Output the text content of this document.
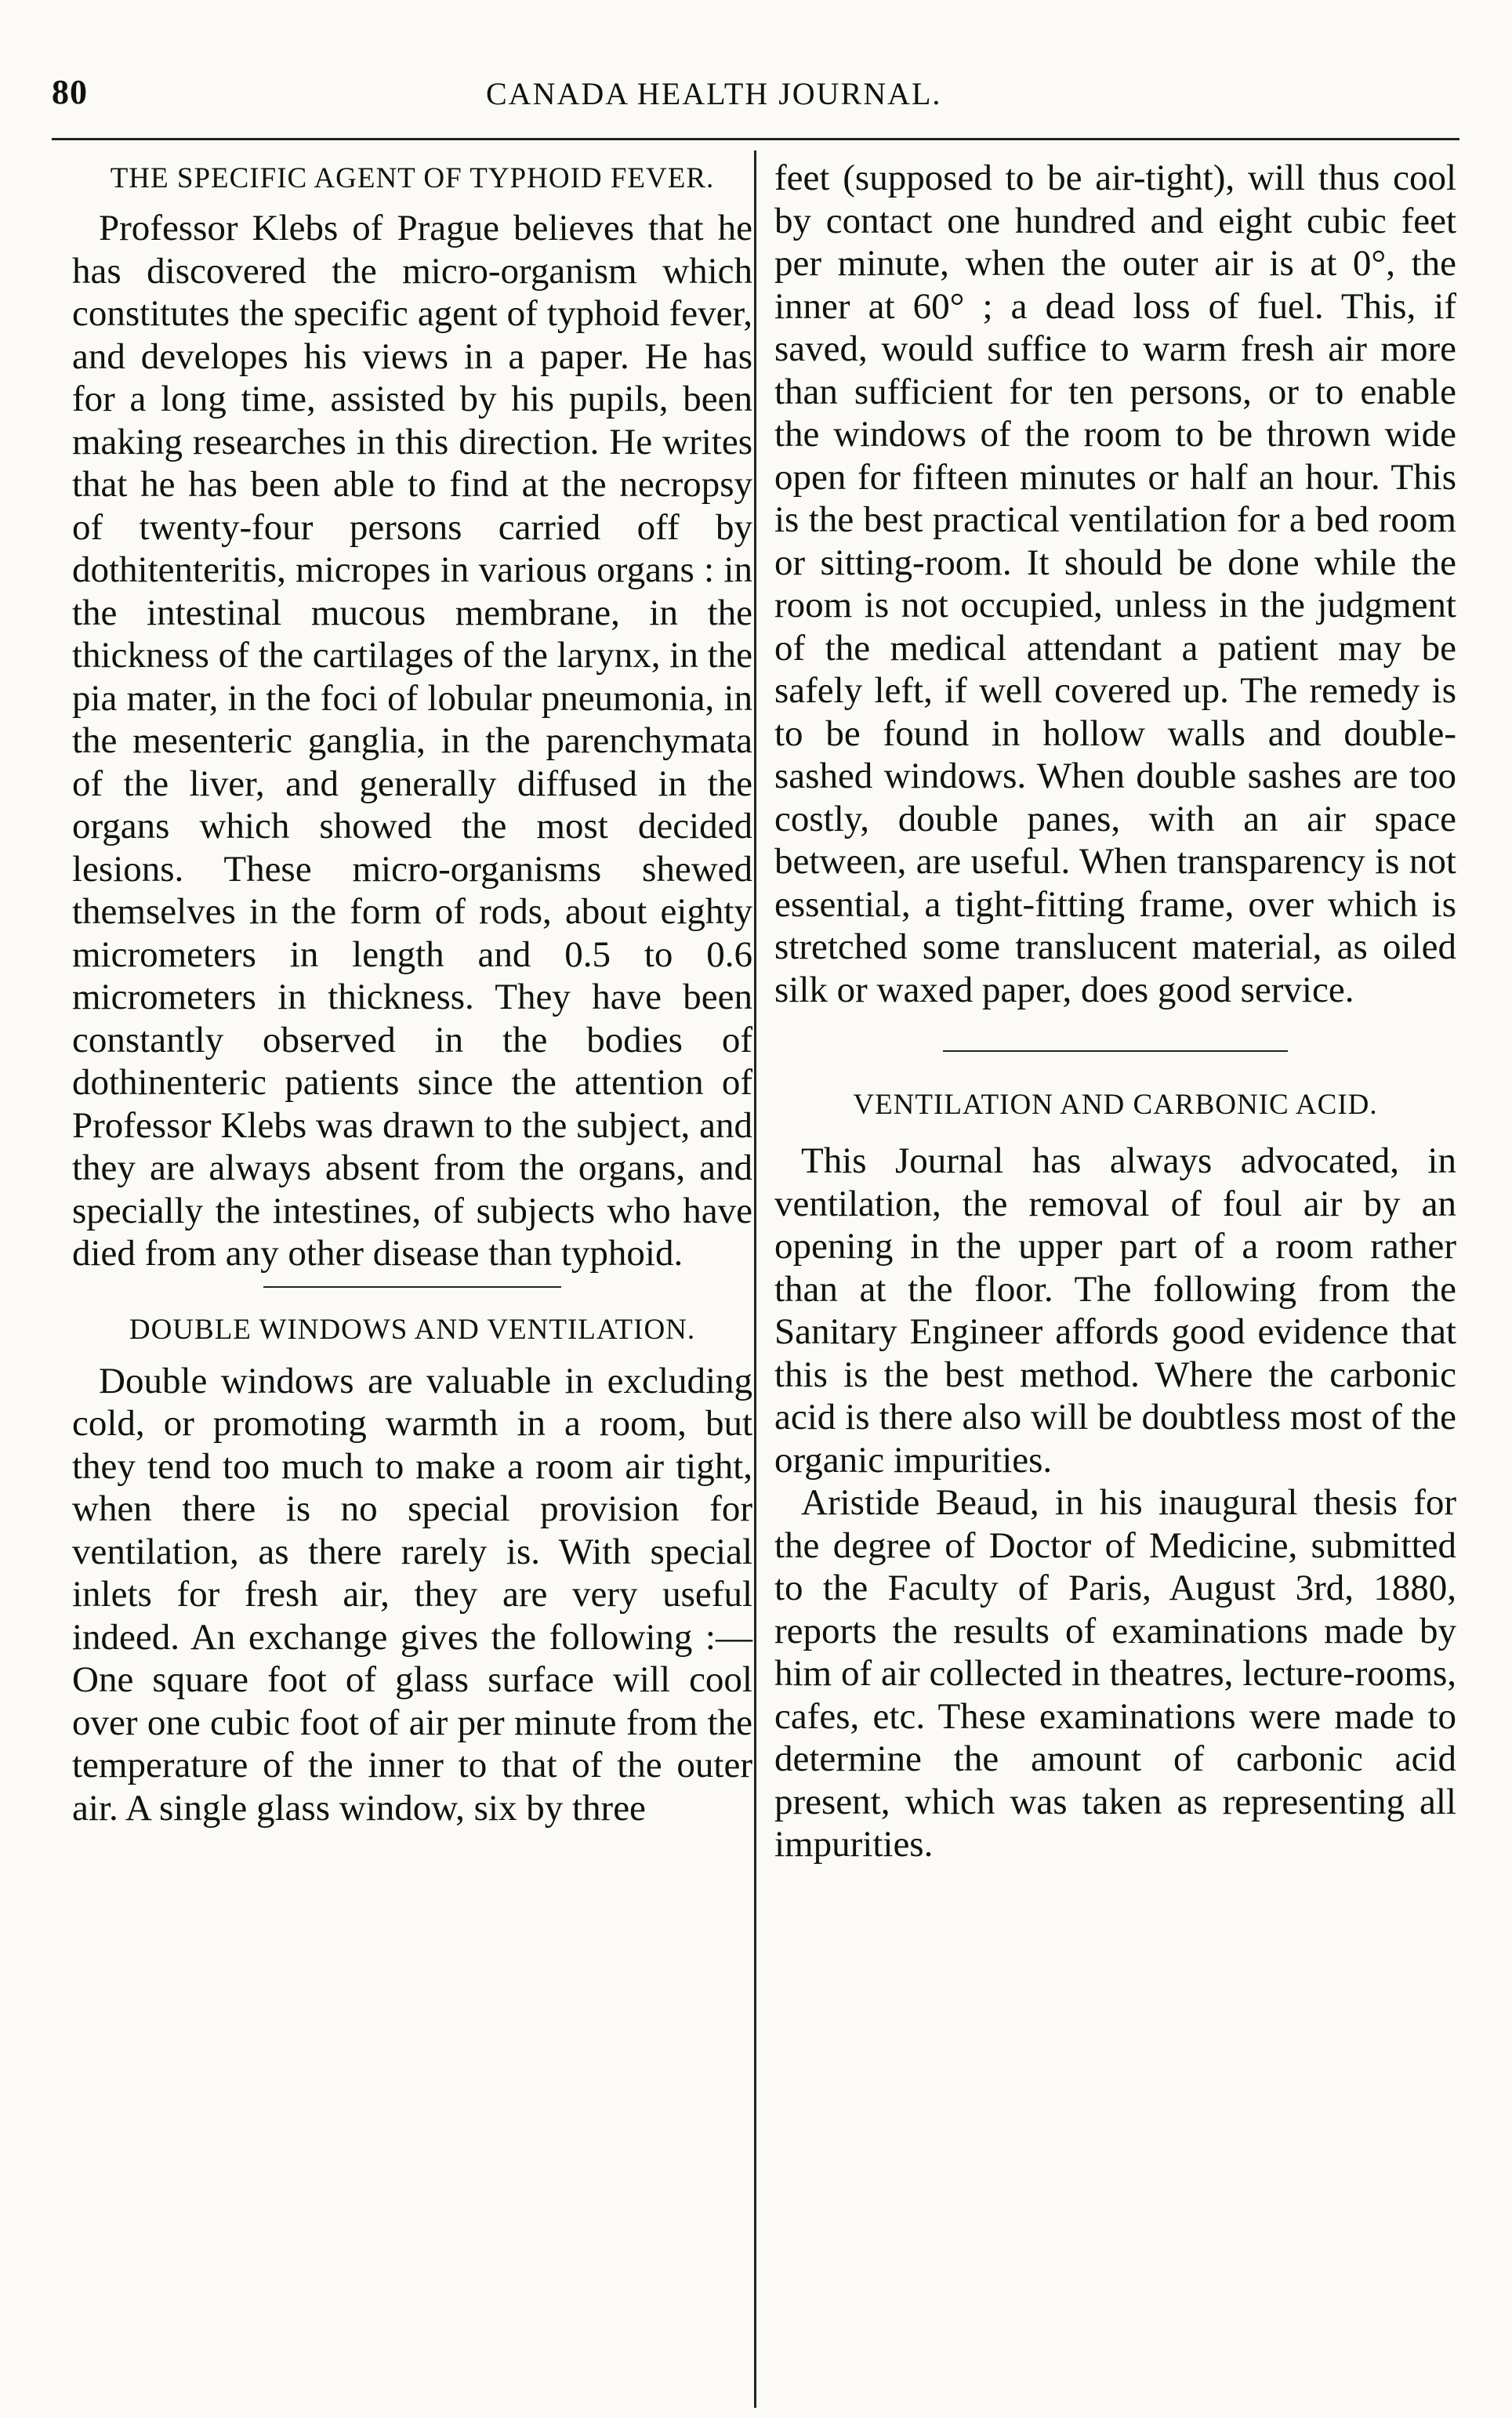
80	CANADA HEALTH JOURNAL.
THE SPECIFIC AGENT OF TYPHOID FEVER.

Professor Klebs of Prague believes that he has discovered the micro-organism which constitutes the specific agent of typhoid fever, and developes his views in a paper. He has for a long time, assisted by his pupils, been making researches in this direction. He writes that he has been able to find at the necropsy of twenty-four persons carried off by dothitenteritis, micropes in various organs : in the intestinal mucous membrane, in the thickness of the cartilages of the larynx, in the pia mater, in the foci of lobular pneumonia, in the mesenteric ganglia, in the parenchymata of the liver, and generally diffused in the organs which showed the most decided lesions. These micro-organisms shewed themselves in the form of rods, about eighty micrometers in length and 0.5 to 0.6 micrometers in thickness. They have been constantly observed in the bodies of dothinenteric patients since the attention of Professor Klebs was drawn to the subject, and they are always absent from the organs, and specially the intestines, of subjects who have died from any other disease than typhoid.

DOUBLE WINDOWS AND VENTILATION.

Double windows are valuable in excluding cold, or promoting warmth in a room, but they tend too much to make a room air tight, when there is no special provision for ventilation, as there rarely is. With special inlets for fresh air, they are very useful indeed. An exchange gives the following :—One square foot of glass surface will cool over one cubic foot of air per minute from the temperature of the inner to that of the outer air. A single glass window, six by three

feet (supposed to be air-tight), will thus cool by contact one hundred and eight cubic feet per minute, when the outer air is at 0°, the inner at 60° ; a dead loss of fuel. This, if saved, would suffice to warm fresh air more than sufficient for ten persons, or to enable the windows of the room to be thrown wide open for fifteen minutes or half an hour. This is the best practical ventilation for a bed room or sitting-room. It should be done while the room is not occupied, unless in the judgment of the medical attendant a patient may be safely left, if well covered up. The remedy is to be found in hollow walls and double-sashed windows. When double sashes are too costly, double panes, with an air space between, are useful. When transparency is not essential, a tight-fitting frame, over which is stretched some translucent material, as oiled silk or waxed paper, does good service.

VENTILATION AND CARBONIC ACID.

This Journal has always advocated, in ventilation, the removal of foul air by an opening in the upper part of a room rather than at the floor. The following from the Sanitary Engineer affords good evidence that this is the best method. Where the carbonic acid is there also will be doubtless most of the organic impurities.

Aristide Beaud, in his inaugural thesis for the degree of Doctor of Medicine, submitted to the Faculty of Paris, August 3rd, 1880, reports the results of examinations made by him of air collected in theatres, lecture-rooms, cafes, etc. These examinations were made to determine the amount of carbonic acid present, which was taken as representing all impurities.
